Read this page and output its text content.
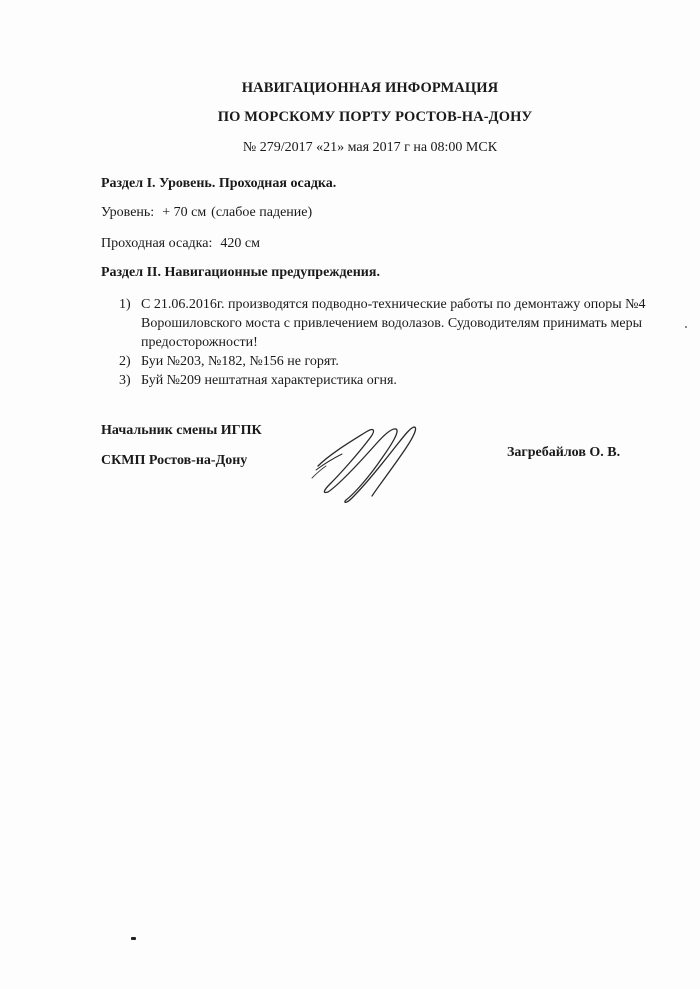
НАВИГАЦИОННАЯ ИНФОРМАЦИЯ
ПО МОРСКОМУ ПОРТУ РОСТОВ-НА-ДОНУ
№ 279/2017 «21» мая 2017 г на 08:00 МСК
Раздел I. Уровень. Проходная осадка.
Уровень: + 70 см (слабое падение)
Проходная осадка: 420 см
Раздел II. Навигационные предупреждения.
1) С 21.06.2016г. производятся подводно-технические работы по демонтажу опоры №4 Ворошиловского моста с привлечением водолазов. Судоводителям принимать меры предосторожности!
2) Буи №203, №182, №156 не горят.
3) Буй №209 нештатная характеристика огня.
Начальник смены ИГПК
СКМП Ростов-на-Дону
Загребайлов О. В.
